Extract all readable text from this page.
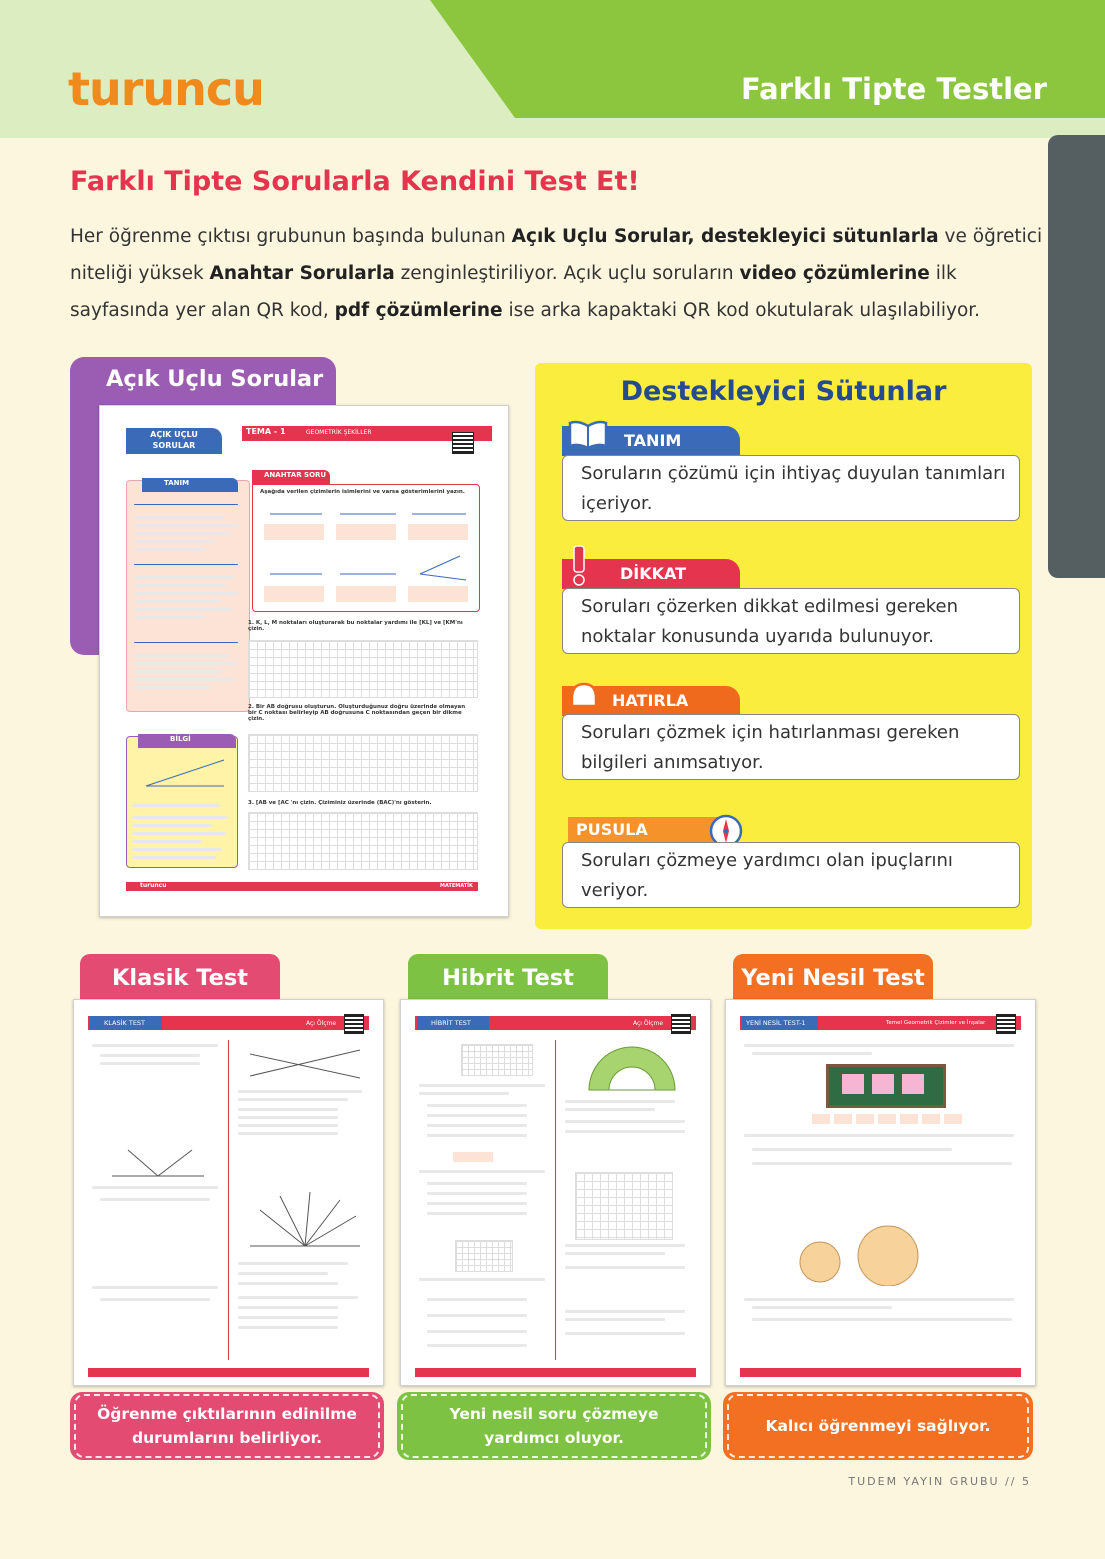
turuncu	Farklı Tipte Testler
Farklı Tipte Sorularla Kendini Test Et!
Her öğrenme çıktısı grubunun başında bulunan Açık Uçlu Sorular, destekleyici sütunlarla ve öğretici niteliği yüksek Anahtar Sorularla zenginleştiriliyor. Açık uçlu soruların video çözümlerine ilk sayfasında yer alan QR kod, pdf çözümlerine ise arka kapaktaki QR kod okutularak ulaşılabiliyor.
Açık Uçlu Sorular
AÇIK UÇLU SORULAR
TEMA - 1	GEOMETRİK ŞEKİLLER
TANIM
BİLGİ
ANAHTAR SORU
Aşağıda verilen çizimlerin isimlerini ve varsa gösterimlerini yazın.
1. K, L, M noktaları oluşturarak bu noktalar yardımı ile [KL] ve [KM'nı çizin.
2. Bir AB doğrusu oluşturun. Oluşturduğunuz doğru üzerinde olmayan bir C noktası belirleyip AB doğrusuna C noktasından geçen bir dikme çizin.
3. [AB ve [AC 'nı çizin. Çiziminiz üzerinde (BAC)'nı gösterin.
turuncu	MATEMATİK
Destekleyici Sütunlar
TANIM
Soruların çözümü için ihtiyaç duyulan tanımları içeriyor.
DİKKAT
Soruları çözerken dikkat edilmesi gereken noktalar konusunda uyarıda bulunuyor.
HATIRLA
Soruları çözmek için hatırlanması gereken bilgileri anımsatıyor.
PUSULA
Soruları çözmeye yardımcı olan ipuçlarını veriyor.
Klasik Test	Hibrit Test	Yeni Nesil Test
KLASİK TEST	Açı Ölçme	HİBRİT TEST	Açı Ölçme	YENİ NESİL TEST-1	Temel Geometrik Çizimler ve İnşalar
Öğrenme çıktılarının edinilme durumlarını belirliyor.
Yeni nesil soru çözmeye yardımcı oluyor.
Kalıcı öğrenmeyi sağlıyor.
TUDEM YAYIN GRUBU // 5
